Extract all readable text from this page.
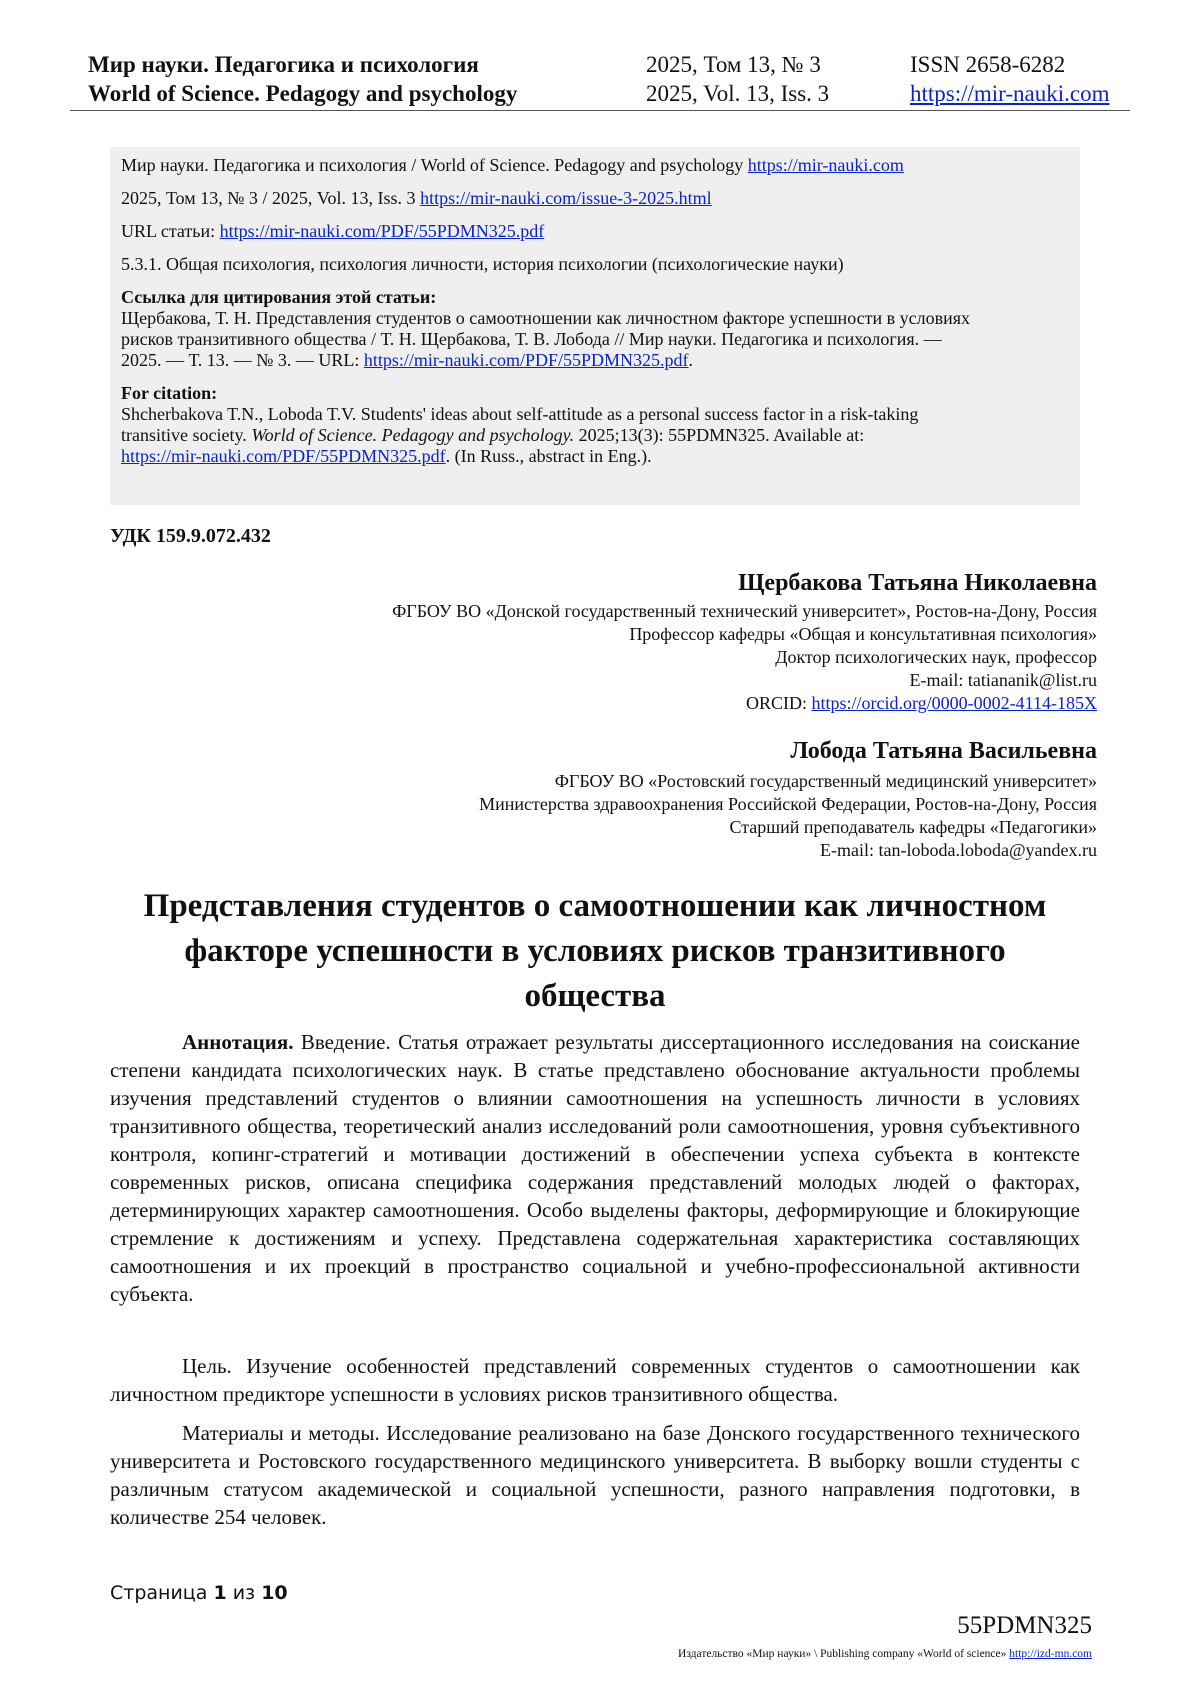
Мир науки. Педагогика и психология	2025, Том 13, № 3	ISSN 2658-6282
World of Science. Pedagogy and psychology	2025, Vol. 13, Iss. 3	https://mir-nauki.com
Мир науки. Педагогика и психология / World of Science. Pedagogy and psychology https://mir-nauki.com
2025, Том 13, № 3 / 2025, Vol. 13, Iss. 3 https://mir-nauki.com/issue-3-2025.html
URL статьи: https://mir-nauki.com/PDF/55PDMN325.pdf
5.3.1. Общая психология, психология личности, история психологии (психологические науки)
Ссылка для цитирования этой статьи:
Щербакова, Т. Н. Представления студентов о самоотношении как личностном факторе успешности в условиях
рисков транзитивного общества / Т. Н. Щербакова, Т. В. Лобода // Мир науки. Педагогика и психология. —
2025. — Т. 13. — № 3. — URL: https://mir-nauki.com/PDF/55PDMN325.pdf.
For citation:
Shcherbakova T.N., Loboda T.V. Students' ideas about self-attitude as a personal success factor in a risk-taking
transitive society. World of Science. Pedagogy and psychology. 2025;13(3): 55PDMN325. Available at:
https://mir-nauki.com/PDF/55PDMN325.pdf. (In Russ., abstract in Eng.).
УДК 159.9.072.432
Щербакова Татьяна Николаевна
ФГБОУ ВО «Донской государственный технический университет», Ростов-на-Дону, Россия
Профессор кафедры «Общая и консультативная психология»
Доктор психологических наук, профессор
E-mail: tatiananik@list.ru
ORCID: https://orcid.org/0000-0002-4114-185X
Лобода Татьяна Васильевна
ФГБОУ ВО «Ростовский государственный медицинский университет»
Министерства здравоохранения Российской Федерации, Ростов-на-Дону, Россия
Старший преподаватель кафедры «Педагогики»
E-mail: tan-loboda.loboda@yandex.ru
Представления студентов о самоотношении как личностном факторе успешности в условиях рисков транзитивного общества
Аннотация. Введение. Статья отражает результаты диссертационного исследования на соискание степени кандидата психологических наук. В статье представлено обоснование актуальности проблемы изучения представлений студентов о влиянии самоотношения на успешность личности в условиях транзитивного общества, теоретический анализ исследований роли самоотношения, уровня субъективного контроля, копинг-стратегий и мотивации достижений в обеспечении успеха субъекта в контексте современных рисков, описана специфика содержания представлений молодых людей о факторах, детерминирующих характер самоотношения. Особо выделены факторы, деформирующие и блокирующие стремление к достижениям и успеху. Представлена содержательная характеристика составляющих самоотношения и их проекций в пространство социальной и учебно-профессиональной активности субъекта.
Цель. Изучение особенностей представлений современных студентов о самоотношении как личностном предикторе успешности в условиях рисков транзитивного общества.
Материалы и методы. Исследование реализовано на базе Донского государственного технического университета и Ростовского государственного медицинского университета. В выборку вошли студенты с различным статусом академической и социальной успешности, разного направления подготовки, в количестве 254 человек.
Страница 1 из 10
55PDMN325
Издательство «Мир науки» \ Publishing company «World of science» http://izd-mn.com
